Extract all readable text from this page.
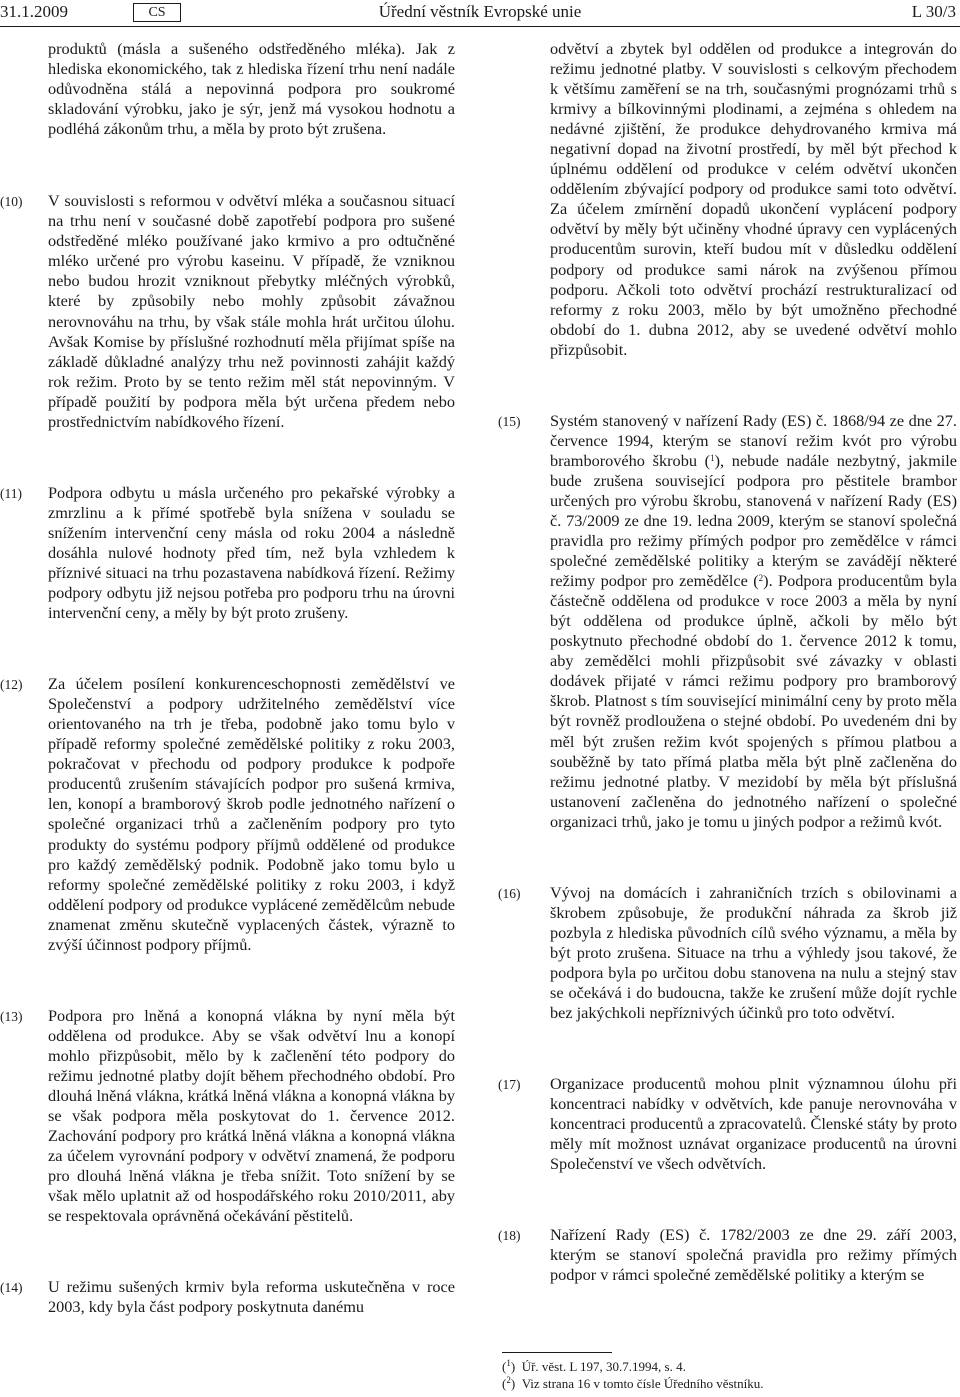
31.1.2009	CS	Úřední věstník Evropské unie	L 30/3

produktů (másla a sušeného odstředěného mléka). Jak z hlediska ekonomického, tak z hlediska řízení trhu není nadále odůvodněna stálá a nepovinná podpora pro soukromé skladování výrobku, jako je sýr, jenž má vysokou hodnotu a podléhá zákonům trhu, a měla by proto být zrušena.

(10) V souvislosti s reformou v odvětví mléka a současnou situací na trhu není v současné době zapotřebí podpora pro sušené odstředěné mléko používané jako krmivo a pro odtučněné mléko určené pro výrobu kaseinu. V případě, že vzniknou nebo budou hrozit vzniknout přebytky mléčných výrobků, které by způsobily nebo mohly způsobit závažnou nerovnováhu na trhu, by však stále mohla hrát určitou úlohu. Avšak Komise by příslušné rozhodnutí měla přijímat spíše na základě důkladné analýzy trhu než povinnosti zahájit každý rok režim. Proto by se tento režim měl stát nepovinným. V případě použití by podpora měla být určena předem nebo prostřednictvím nabídkového řízení.

(11) Podpora odbytu u másla určeného pro pekařské výrobky a zmrzlinu a k přímé spotřebě byla snížena v souladu se snížením intervenční ceny másla od roku 2004 a následně dosáhla nulové hodnoty před tím, než byla vzhledem k příznivé situaci na trhu pozastavena nabídková řízení. Režimy podpory odbytu již nejsou potřeba pro podporu trhu na úrovni intervenční ceny, a měly by být proto zrušeny.

(12) Za účelem posílení konkurenceschopnosti zemědělství ve Společenství a podpory udržitelného zemědělství více orientovaného na trh je třeba, podobně jako tomu bylo v případě reformy společné zemědělské politiky z roku 2003, pokračovat v přechodu od podpory produkce k podpoře producentů zrušením stávajících podpor pro sušená krmiva, len, konopí a bramborový škrob podle jednotného nařízení o společné organizaci trhů a začleněním podpory pro tyto produkty do systému podpory příjmů oddělené od produkce pro každý zemědělský podnik. Podobně jako tomu bylo u reformy společné zemědělské politiky z roku 2003, i když oddělení podpory od produkce vyplácené zemědělcům nebude znamenat změnu skutečně vyplacených částek, výrazně to zvýší účinnost podpory příjmů.

(13) Podpora pro lněná a konopná vlákna by nyní měla být oddělena od produkce. Aby se však odvětví lnu a konopí mohlo přizpůsobit, mělo by k začlenění této podpory do režimu jednotné platby dojít během přechodného období. Pro dlouhá lněná vlákna, krátká lněná vlákna a konopná vlákna by se však podpora měla poskytovat do 1. července 2012. Zachování podpory pro krátká lněná vlákna a konopná vlákna za účelem vyrovnání podpory v odvětví znamená, že podporu pro dlouhá lněná vlákna je třeba snížit. Toto snížení by se však mělo uplatnit až od hospodářského roku 2010/2011, aby se respektovala oprávněná očekávání pěstitelů.

(14) U režimu sušených krmiv byla reforma uskutečněna v roce 2003, kdy byla část podpory poskytnuta danému

odvětví a zbytek byl oddělen od produkce a integrován do režimu jednotné platby. V souvislosti s celkovým přechodem k většímu zaměření se na trh, současnými prognózami trhů s krmivy a bílkovinnými plodinami, a zejména s ohledem na nedávné zjištění, že produkce dehydrovaného krmiva má negativní dopad na životní prostředí, by měl být přechod k úplnému oddělení od produkce v celém odvětví ukončen oddělením zbývající podpory od produkce sami toto odvětví. Za účelem zmírnění dopadů ukončení vyplácení podpory odvětví by měly být učiněny vhodné úpravy cen vyplácených producentům surovin, kteří budou mít v důsledku oddělení podpory od produkce sami nárok na zvýšenou přímou podporu. Ačkoli toto odvětví prochází restrukturalizací od reformy z roku 2003, mělo by být umožněno přechodné období do 1. dubna 2012, aby se uvedené odvětví mohlo přizpůsobit.

(15) Systém stanovený v nařízení Rady (ES) č. 1868/94 ze dne 27. července 1994, kterým se stanoví režim kvót pro výrobu bramborového škrobu ($^1$), nebude nadále nezbytný, jakmile bude zrušena související podpora pro pěstitele brambor určených pro výrobu škrobu, stanovená v nařízení Rady (ES) č. 73/2009 ze dne 19. ledna 2009, kterým se stanoví společná pravidla pro režimy přímých podpor pro zemědělce v rámci společné zemědělské politiky a kterým se zavádějí některé režimy podpor pro zemědělce ($^2$). Podpora producentům byla částečně oddělena od produkce v roce 2003 a měla by nyní být oddělena od produkce úplně, ačkoli by mělo být poskytnuto přechodné období do 1. července 2012 k tomu, aby zemědělci mohli přizpůsobit své závazky v oblasti dodávek přijaté v rámci režimu podpory pro bramborový škrob. Platnost s tím související minimální ceny by proto měla být rovněž prodloužena o stejné období. Po uvedeném dni by měl být zrušen režim kvót spojených s přímou platbou a souběžně by tato přímá platba měla být plně začleněna do režimu jednotné platby. V mezidobí by měla být příslušná ustanovení začleněna do jednotného nařízení o společné organizaci trhů, jako je tomu u jiných podpor a režimů kvót.

(16) Vývoj na domácích i zahraničních trzích s obilovinami a škrobem způsobuje, že produkční náhrada za škrob již pozbyla z hlediska původních cílů svého významu, a měla by být proto zrušena. Situace na trhu a výhledy jsou takové, že podpora byla po určitou dobu stanovena na nulu a stejný stav se očekává i do budoucna, takže ke zrušení může dojít rychle bez jakýchkoli nepříznivých účinků pro toto odvětví.

(17) Organizace producentů mohou plnit významnou úlohu při koncentraci nabídky v odvětvích, kde panuje nerovnováha v koncentraci producentů a zpracovatelů. Členské státy by proto měly mít možnost uznávat organizace producentů na úrovni Společenství ve všech odvětvích.

(18) Nařízení Rady (ES) č. 1782/2003 ze dne 29. září 2003, kterým se stanoví společná pravidla pro režimy přímých podpor v rámci společné zemědělské politiky a kterým se

($^1$)  Úř. věst. L 197, 30.7.1994, s. 4.

($^2$)  Viz strana 16 v tomto čísle Úředního věstníku.
